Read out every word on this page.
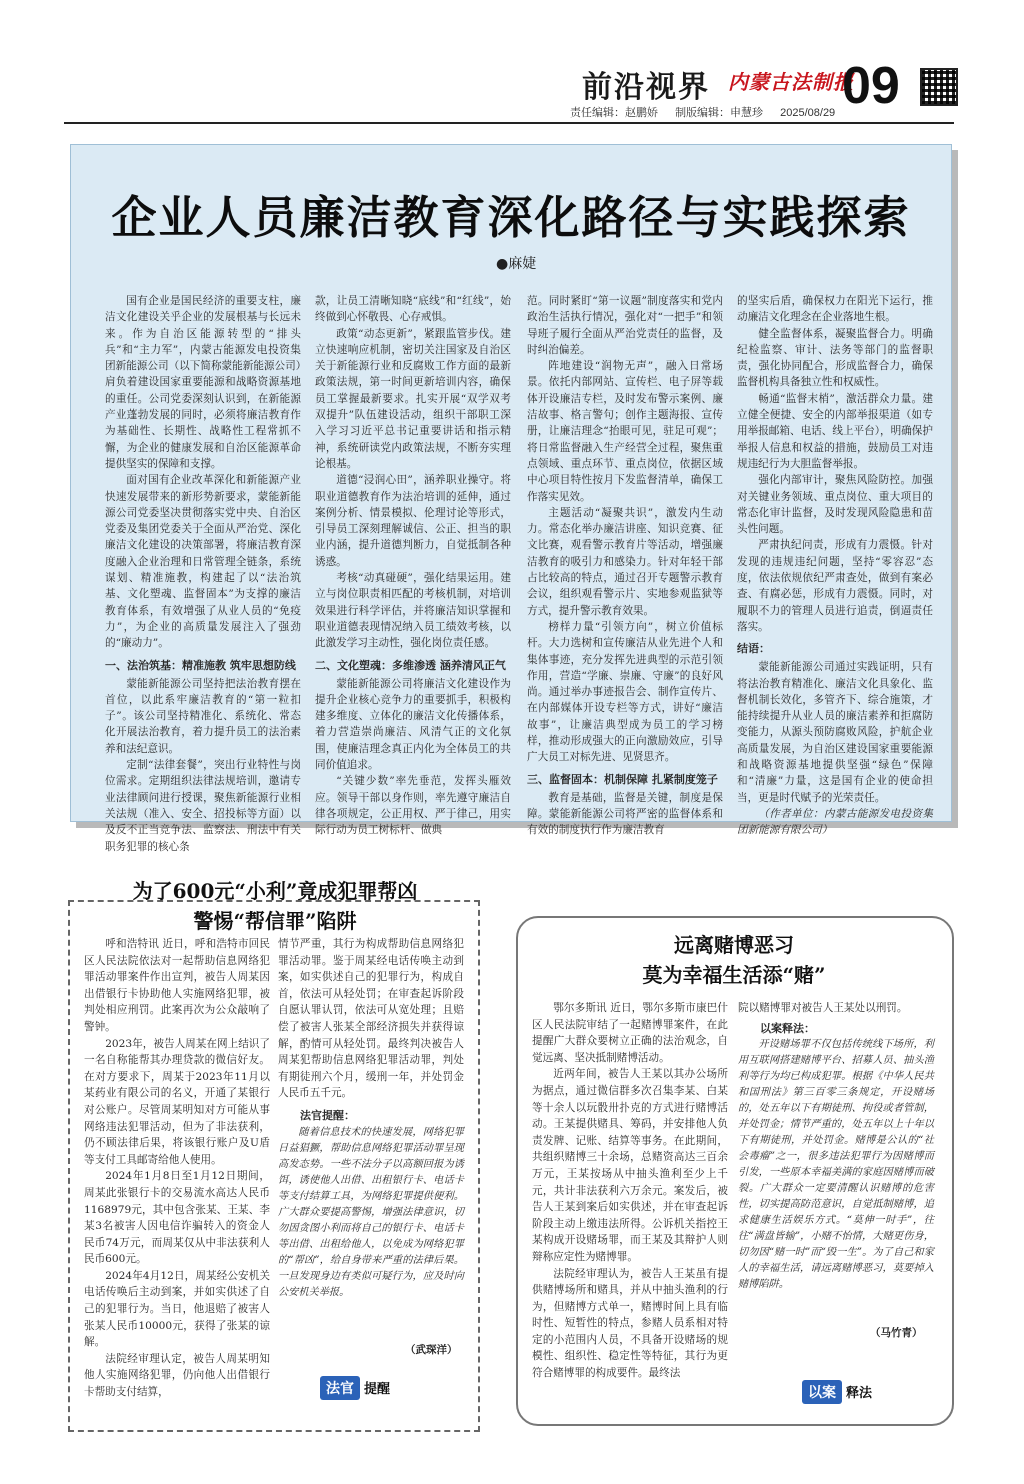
前沿视界 内蒙古法制报
09
责任编辑：赵鹏娇 制版编辑：申慧珍 2025/08/29
企业人员廉洁教育深化路径与实践探索
●麻婕

国有企业是国民经济的重要支柱，廉洁文化建设关乎企业的发展根基与长远未来。作为自治区能源转型的“排头兵”和“主力军”，内蒙古能源发电投资集团新能源公司（以下简称蒙能新能源公司）肩负着建设国家重要能源和战略资源基地的重任。公司党委深刻认识到，在新能源产业蓬勃发展的同时，必须将廉洁教育作为基础性、长期性、战略性工程常抓不懈，为企业的健康发展和自治区能源革命提供坚实的保障和支撑。

面对国有企业改革深化和新能源产业快速发展带来的新形势新要求，蒙能新能源公司党委坚决贯彻落实党中央、自治区党委及集团党委关于全面从严治党、深化廉洁文化建设的决策部署，将廉洁教育深度融入企业治理和日常管理全链条，系统谋划、精准施教，构建起了以“法治筑基、文化塑魂、监督固本”为支撑的廉洁教育体系，有效增强了从业人员的“免疫力”，为企业的高质量发展注入了强劲的“廉动力”。

一、法治筑基：精准施教 筑牢思想防线

蒙能新能源公司坚持把法治教育摆在首位，以此系牢廉洁教育的“第一粒扣子”。该公司坚持精准化、系统化、常态化开展法治教育，着力提升员工的法治素养和法纪意识。

定制“法律套餐”，突出行业特性与岗位需求。定期组织法律法规培训，邀请专业法律顾问进行授课，聚焦新能源行业相关法规（准入、安全、招投标等方面）以及反不正当竞争法、监察法、刑法中有关职务犯罪的核心条

款，让员工清晰知晓“底线”和“红线”，始终做到心怀敬畏、心存戒惧。

政策“动态更新”，紧跟监管步伐。建立快速响应机制，密切关注国家及自治区关于新能源行业和反腐败工作方面的最新政策法规，第一时间更新培训内容，确保员工掌握最新要求。扎实开展“双学双考双提升”队伍建设活动，组织干部职工深入学习习近平总书记重要讲话和指示精神，系统研读党内政策法规，不断夯实理论根基。

道德“浸润心田”，涵养职业操守。将职业道德教育作为法治培训的延伸，通过案例分析、情景模拟、伦理讨论等形式，引导员工深刻理解诚信、公正、担当的职业内涵，提升道德判断力，自觉抵制各种诱惑。

考核“动真碰硬”，强化结果运用。建立与岗位职责相匹配的考核机制，对培训效果进行科学评估，并将廉洁知识掌握和职业道德表现情况纳入员工绩效考核，以此激发学习主动性，强化岗位责任感。

二、文化塑魂：多维渗透 涵养清风正气

蒙能新能源公司将廉洁文化建设作为提升企业核心竞争力的重要抓手，积极构建多维度、立体化的廉洁文化传播体系，着力营造崇尚廉洁、风清气正的文化氛围，使廉洁理念真正内化为全体员工的共同价值追求。

“关键少数”率先垂范，发挥头雁效应。领导干部以身作则，率先遵守廉洁自律各项规定，公正用权、严于律己，用实际行动为员工树标杆、做典

范。同时紧盯“第一议题”制度落实和党内政治生活执行情况，强化对“一把手”和领导班子履行全面从严治党责任的监督，及时纠治偏差。

阵地建设“润物无声”，融入日常场景。依托内部网站、宣传栏、电子屏等载体开设廉洁专栏，及时发布警示案例、廉洁故事、格言警句；创作主题海报、宣传册，让廉洁理念“抬眼可见，驻足可观”；将日常监督融入生产经营全过程，聚焦重点领域、重点环节、重点岗位，依据区域中心项目特性按月下发监督清单，确保工作落实见效。

主题活动“凝聚共识”，激发内生动力。常态化举办廉洁讲座、知识竞赛、征文比赛，观看警示教育片等活动，增强廉洁教育的吸引力和感染力。针对年轻干部占比较高的特点，通过召开专题警示教育会议，组织观看警示片、实地参观监狱等方式，提升警示教育效果。

榜样力量“引领方向”，树立价值标杆。大力选树和宣传廉洁从业先进个人和集体事迹，充分发挥先进典型的示范引领作用，营造“学廉、崇廉、守廉”的良好风尚。通过举办事迹报告会、制作宣传片、在内部媒体开设专栏等方式，讲好“廉洁故事”，让廉洁典型成为员工的学习榜样，推动形成强大的正向激励效应，引导广大员工对标先进、见贤思齐。

三、监督固本：机制保障 扎紧制度笼子

教育是基础，监督是关键，制度是保障。蒙能新能源公司将严密的监督体系和有效的制度执行作为廉洁教育

的坚实后盾，确保权力在阳光下运行，推动廉洁文化理念在企业落地生根。

健全监督体系，凝聚监督合力。明确纪检监察、审计、法务等部门的监督职责，强化协同配合，形成监督合力，确保监督机构具备独立性和权威性。

畅通“监督末梢”，激活群众力量。建立健全便捷、安全的内部举报渠道（如专用举报邮箱、电话、线上平台），明确保护举报人信息和权益的措施，鼓励员工对违规违纪行为大胆监督举报。

强化内部审计，聚焦风险防控。加强对关键业务领域、重点岗位、重大项目的常态化审计监督，及时发现风险隐患和苗头性问题。

严肃执纪问责，形成有力震慑。针对发现的违规违纪问题，坚持“零容忍”态度，依法依规依纪严肃查处，做到有案必查、有腐必惩，形成有力震慑。同时，对履职不力的管理人员进行追责，倒逼责任落实。

结语：

蒙能新能源公司通过实践证明，只有将法治教育精准化、廉洁文化具象化、监督机制长效化，多管齐下、综合施策，才能持续提升从业人员的廉洁素养和拒腐防变能力，从源头预防腐败风险，护航企业高质量发展，为自治区建设国家重要能源和战略资源基地提供坚强“绿色”保障和“清廉”力量，这是国有企业的使命担当，更是时代赋予的光荣责任。

（作者单位：内蒙古能源发电投资集团新能源有限公司）

为了600元“小利”竟成犯罪帮凶
警惕“帮信罪”陷阱

呼和浩特讯 近日，呼和浩特市回民区人民法院依法对一起帮助信息网络犯罪活动罪案件作出宣判，被告人周某因出借银行卡协助他人实施网络犯罪，被判处相应刑罚。此案再次为公众敲响了警钟。

2023年，被告人周某在网上结识了一名自称能帮其办理贷款的微信好友。在对方要求下，周某于2023年11月以某药业有限公司的名义，开通了某银行对公账户。尽管周某明知对方可能从事网络违法犯罪活动，但为了非法获利，仍不顾法律后果，将该银行账户及U盾等支付工具邮寄给他人使用。

2024年1月8日至1月12日期间，周某此张银行卡的交易流水高达人民币1168979元，其中包含张某、王某、李某3名被害人因电信诈骗转入的资金人民币74万元，而周某仅从中非法获利人民币600元。

2024年4月12日，周某经公安机关电话传唤后主动到案，并如实供述了自己的犯罪行为。当日，他退赔了被害人张某人民币10000元，获得了张某的谅解。

法院经审理认定，被告人周某明知他人实施网络犯罪，仍向他人出借银行卡帮助支付结算，

情节严重，其行为构成帮助信息网络犯罪活动罪。鉴于周某经电话传唤主动到案，如实供述自己的犯罪行为，构成自首，依法可从轻处罚；在审查起诉阶段自愿认罪认罚，依法可从宽处理；且赔偿了被害人张某全部经济损失并获得谅解，酌情可从轻处罚。最终判决被告人周某犯帮助信息网络犯罪活动罪，判处有期徒刑六个月，缓刑一年，并处罚金人民币五千元。

法官提醒：

随着信息技术的快速发展，网络犯罪日益猖獗，帮助信息网络犯罪活动罪呈现高发态势。一些不法分子以高额回报为诱饵，诱使他人出借、出租银行卡、电话卡等支付结算工具，为网络犯罪提供便利。广大群众要提高警惕，增强法律意识，切勿因贪图小利而将自己的银行卡、电话卡等出借、出租给他人，以免成为网络犯罪的“帮凶”，给自身带来严重的法律后果。一旦发现身边有类似可疑行为，应及时向公安机关举报。

（武琛洋）
法官 提醒
远离赌博恶习
莫为幸福生活添“赌”

鄂尔多斯讯 近日，鄂尔多斯市康巴什区人民法院审结了一起赌博罪案件，在此提醒广大群众要树立正确的法治观念，自觉远离、坚决抵制赌博活动。

近两年间，被告人王某以其办公场所为据点，通过微信群多次召集李某、白某等十余人以玩骰卅扑克的方式进行赌博活动。王某提供赌具、筹码，并安排他人负责发牌、记账、结算等事务。在此期间，共组织赌博三十余场，总赌资高达三百余万元，王某按场从中抽头渔利至少上千元，共计非法获利六万余元。案发后，被告人王某到案后如实供述，并在审查起诉阶段主动上缴违法所得。公诉机关指控王某构成开设赌场罪，而王某及其辩护人则辩称应定性为赌博罪。

法院经审理认为，被告人王某虽有提供赌博场所和赌具，并从中抽头渔利的行为，但赌博方式单一，赌博时间上具有临时性、短暂性的特点，参赌人员系相对特定的小范围内人员，不具备开设赌场的规模性、组织性、稳定性等特征，其行为更符合赌博罪的构成要件。最终法

院以赌博罪对被告人王某处以刑罚。

以案释法：

开设赌场罪不仅包括传统线下场所，利用互联网搭建赌博平台、招募人员、抽头渔利等行为均已构成犯罪。根据《中华人民共和国刑法》第三百零三条规定，开设赌场的，处五年以下有期徒刑、拘役或者管制，并处罚金；情节严重的，处五年以上十年以下有期徒刑，并处罚金。赌博是公认的“社会毒瘤”之一，很多违法犯罪行为因赌博而引发，一些原本幸福美满的家庭因赌博而破裂。广大群众一定要清醒认识赌博的危害性，切实提高防范意识，自觉抵制赌博，追求健康生活娱乐方式。“莫伸一时手”，往往“满盘皆输”，小赌不怡情，大赌更伤身，切勿因“赌一时”而“毁一生”。为了自己和家人的幸福生活，请远离赌博恶习，莫要掉入赌博陷阱。

（马竹青）
以案 释法
